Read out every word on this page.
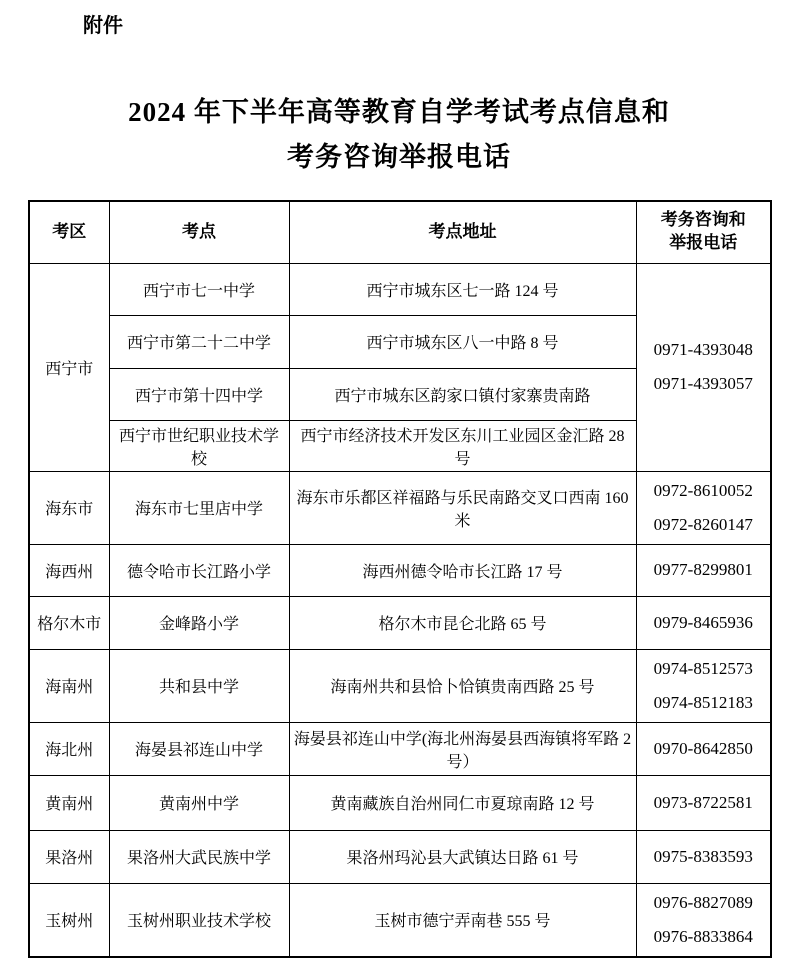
附件
2024 年下半年高等教育自学考试考点信息和
考务咨询举报电话
考区	考点	考点地址	考务咨询和
举报电话

西宁市	西宁市七一中学	西宁市城东区七一路 124 号	0971-4393048
0971-4393057

	西宁市第二十二中学	西宁市城东区八一中路 8 号	
	西宁市第十四中学	西宁市城东区韵家口镇付家寨贵南路	
	西宁市世纪职业技术学校	西宁市经济技术开发区东川工业园区金汇路 28 号	
海东市	海东市七里店中学	海东市乐都区祥福路与乐民南路交叉口西南 160 米	0972-8610052
0972-8260147

海西州	德令哈市长江路小学	海西州德令哈市长江路 17 号	0977-8299801

格尔木市	金峰路小学	格尔木市昆仑北路 65 号	0979-8465936

海南州	共和县中学	海南州共和县恰卜恰镇贵南西路 25 号	0974-8512573
0974-8512183

海北州	海晏县祁连山中学	海晏县祁连山中学(海北州海晏县西海镇将军路 2 号）	0970-8642850

黄南州	黄南州中学	黄南藏族自治州同仁市夏琼南路 12 号	0973-8722581

果洛州	果洛州大武民族中学	果洛州玛沁县大武镇达日路 61 号	0975-8383593

玉树州	玉树州职业技术学校	玉树市德宁弄南巷 555 号	0976-8827089
0976-8833864
